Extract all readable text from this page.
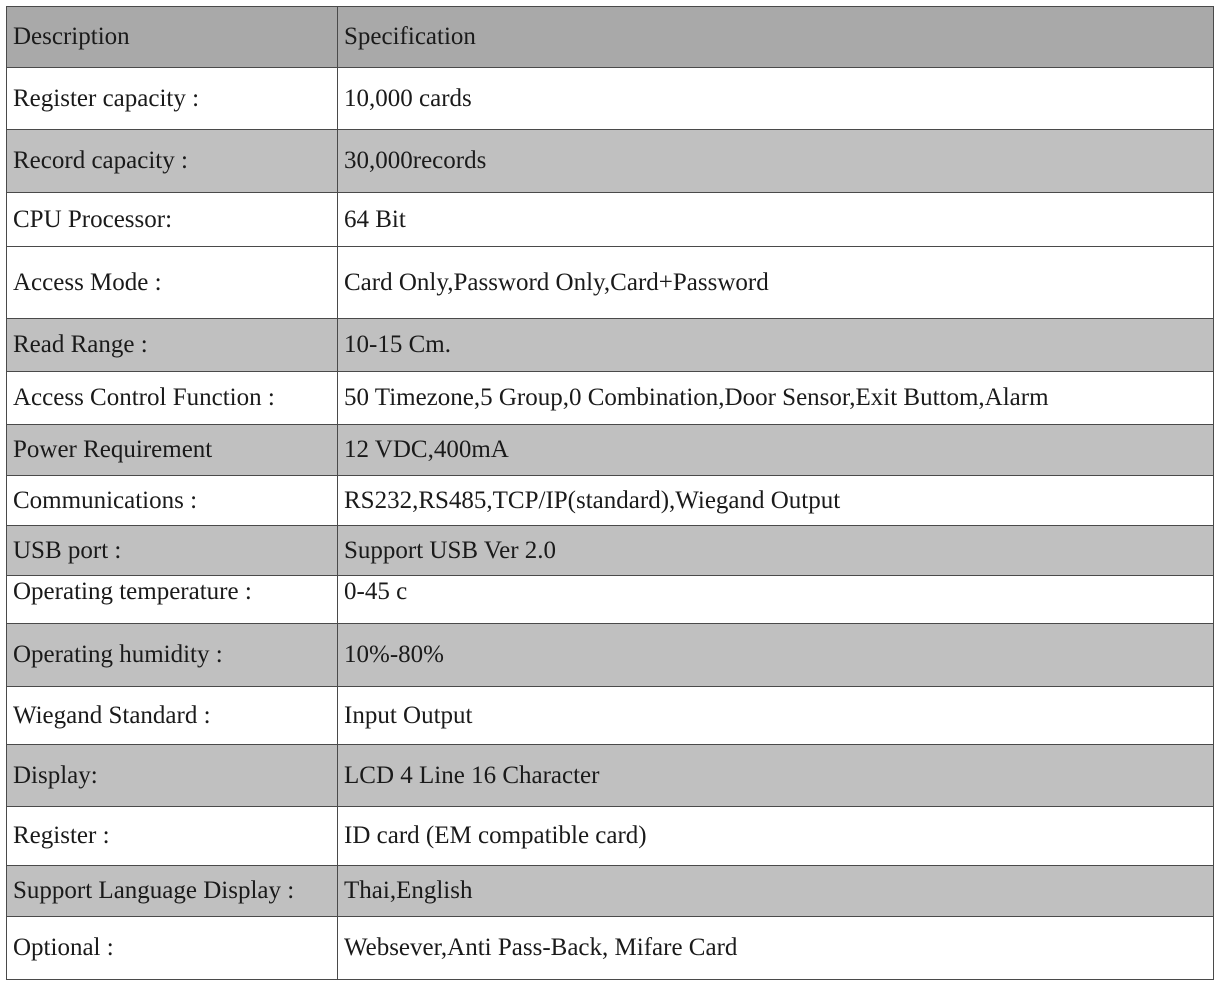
Description	Specification
Register capacity :	10,000 cards
Record capacity :	30,000records
CPU Processor:	64 Bit
Access Mode :	Card Only,Password Only,Card+Password
Read Range :	10-15 Cm.
Access Control Function :	50 Timezone,5 Group,0 Combination,Door Sensor,Exit Buttom,Alarm
Power Requirement	12 VDC,400mA
Communications :	RS232,RS485,TCP/IP(standard),Wiegand Output
USB port :	Support USB Ver 2.0
Operating temperature :	0-45 c
Operating humidity :	10%-80%
Wiegand Standard :	Input Output
Display:	LCD 4 Line 16 Character
Register :	ID card (EM compatible card)
Support Language Display :	Thai,English
Optional :	Websever,Anti Pass-Back, Mifare Card
